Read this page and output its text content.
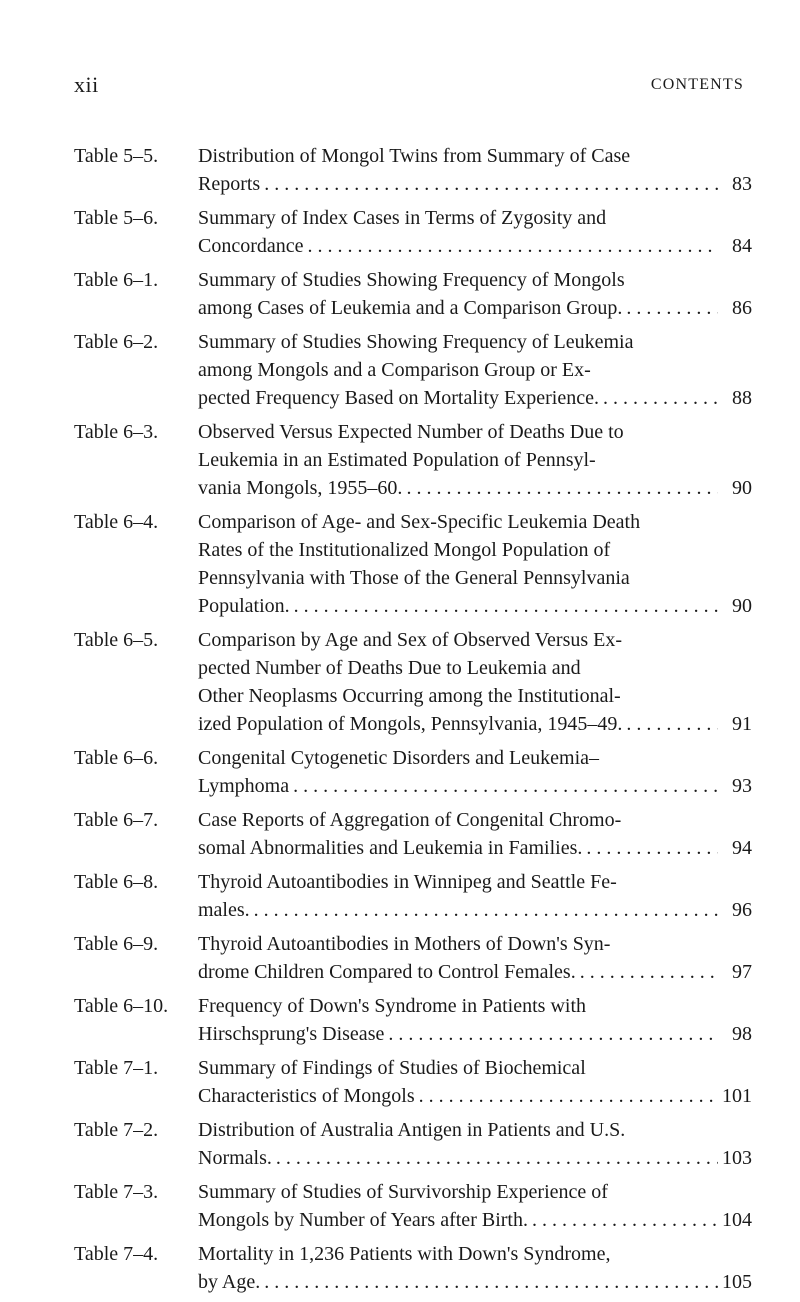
xii	CONTENTS
Table 5–5.	Distribution of Mongol Twins from Summary of Case
Reports . . .	83
Table 5–6.	Summary of Index Cases in Terms of Zygosity and
Concordance . . .	84
Table 6–1.	Summary of Studies Showing Frequency of Mongols
among Cases of Leukemia and a Comparison Group. . . .	86
Table 6–2.	Summary of Studies Showing Frequency of Leukemia
among Mongols and a Comparison Group or Ex-
pected Frequency Based on Mortality Experience. . . .	88
Table 6–3.	Observed Versus Expected Number of Deaths Due to
Leukemia in an Estimated Population of Pennsyl-
vania Mongols, 1955–60. . . .	90
Table 6–4.	Comparison of Age- and Sex-Specific Leukemia Death
Rates of the Institutionalized Mongol Population of
Pennsylvania with Those of the General Pennsylvania
Population. . . .	90
Table 6–5.	Comparison by Age and Sex of Observed Versus Ex-
pected Number of Deaths Due to Leukemia and
Other Neoplasms Occurring among the Institutional-
ized Population of Mongols, Pennsylvania, 1945–49. . . .	91
Table 6–6.	Congenital Cytogenetic Disorders and Leukemia–
Lymphoma . . .	93
Table 6–7.	Case Reports of Aggregation of Congenital Chromo-
somal Abnormalities and Leukemia in Families. . . .	94
Table 6–8.	Thyroid Autoantibodies in Winnipeg and Seattle Fe-
males. . . .	96
Table 6–9.	Thyroid Autoantibodies in Mothers of Down's Syn-
drome Children Compared to Control Females. . . .	97
Table 6–10.	Frequency of Down's Syndrome in Patients with
Hirschsprung's Disease . . .	98
Table 7–1.	Summary of Findings of Studies of Biochemical
Characteristics of Mongols . . .	101
Table 7–2.	Distribution of Australia Antigen in Patients and U.S.
Normals. . . .	103
Table 7–3.	Summary of Studies of Survivorship Experience of
Mongols by Number of Years after Birth. . . .	104
Table 7–4.	Mortality in 1,236 Patients with Down's Syndrome,
by Age. . . .	105
